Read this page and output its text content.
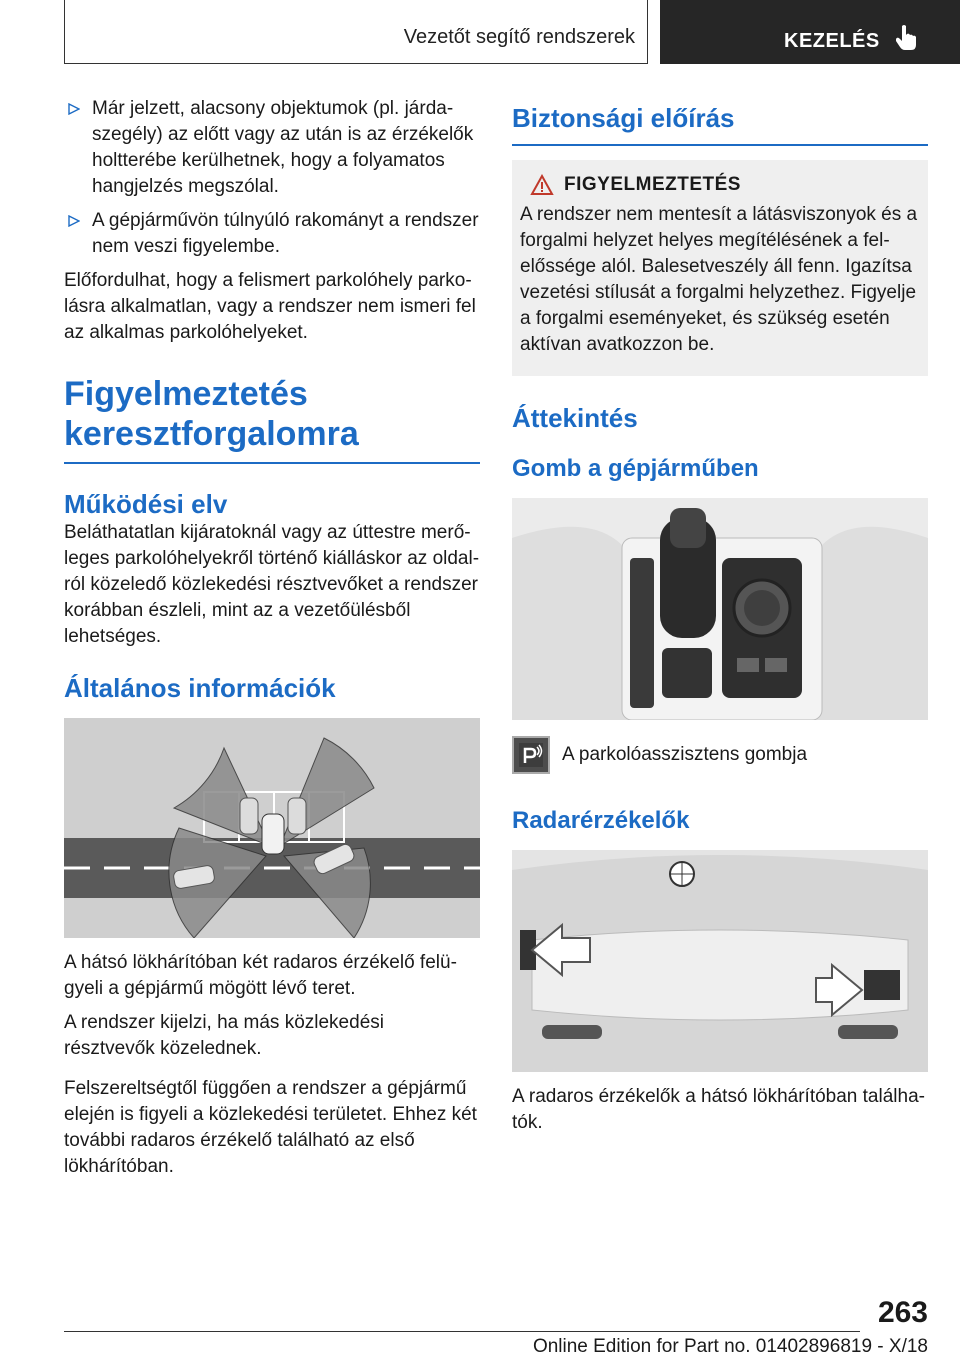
Vezetőt segítő rendszerek	KEZELÉS

Már jelzett, alacsony objektumok (pl. járdaszegély) az előtt vagy az után is az érzékelők holtterébe kerülhetnek, hogy a folyamatos hangjelzés megszólal.

A gépjárművön túlnyúló rakományt a rendszer nem veszi figyelembe.

Előfordulhat, hogy a felismert parkolóhely parkolásra alkalmatlan, vagy a rendszer nem ismeri fel az alkalmas parkolóhelyeket.

Figyelmeztetés keresztforgalomra
Működési elv

Beláthatatlan kijáratoknál vagy az úttestre merőleges parkolóhelyekről történő kiálláskor az oldalról közeledő közlekedési résztvevőket a rendszer korábban észleli, mint az a vezetőülésből lehetséges.

Általános információk

A hátsó lökhárítóban két radaros érzékelő felügyeli a gépjármű mögött lévő teret.

A rendszer kijelzi, ha más közlekedési résztvevők közelednek.

Felszereltségtől függően a rendszer a gépjármű elején is figyeli a közlekedési területet. Ehhez két további radaros érzékelő található az első lökhárítóban.

Biztonsági előírás
FIGYELMEZTETÉS

A rendszer nem mentesít a látásviszonyok és a forgalmi helyzet helyes megítélésének a felelőssége alól. Balesetveszély áll fenn. Igazítsa vezetési stílusát a forgalmi helyzethez. Figyelje a forgalmi eseményeket, és szükség esetén aktívan avatkozzon be.

Áttekintés
Gomb a gépjárműben

A parkolóasszisztens gombja

Radarérzékelők

A radaros érzékelők a hátsó lökhárítóban találhatók.

263
Online Edition for Part no. 01402896819 - X/18
